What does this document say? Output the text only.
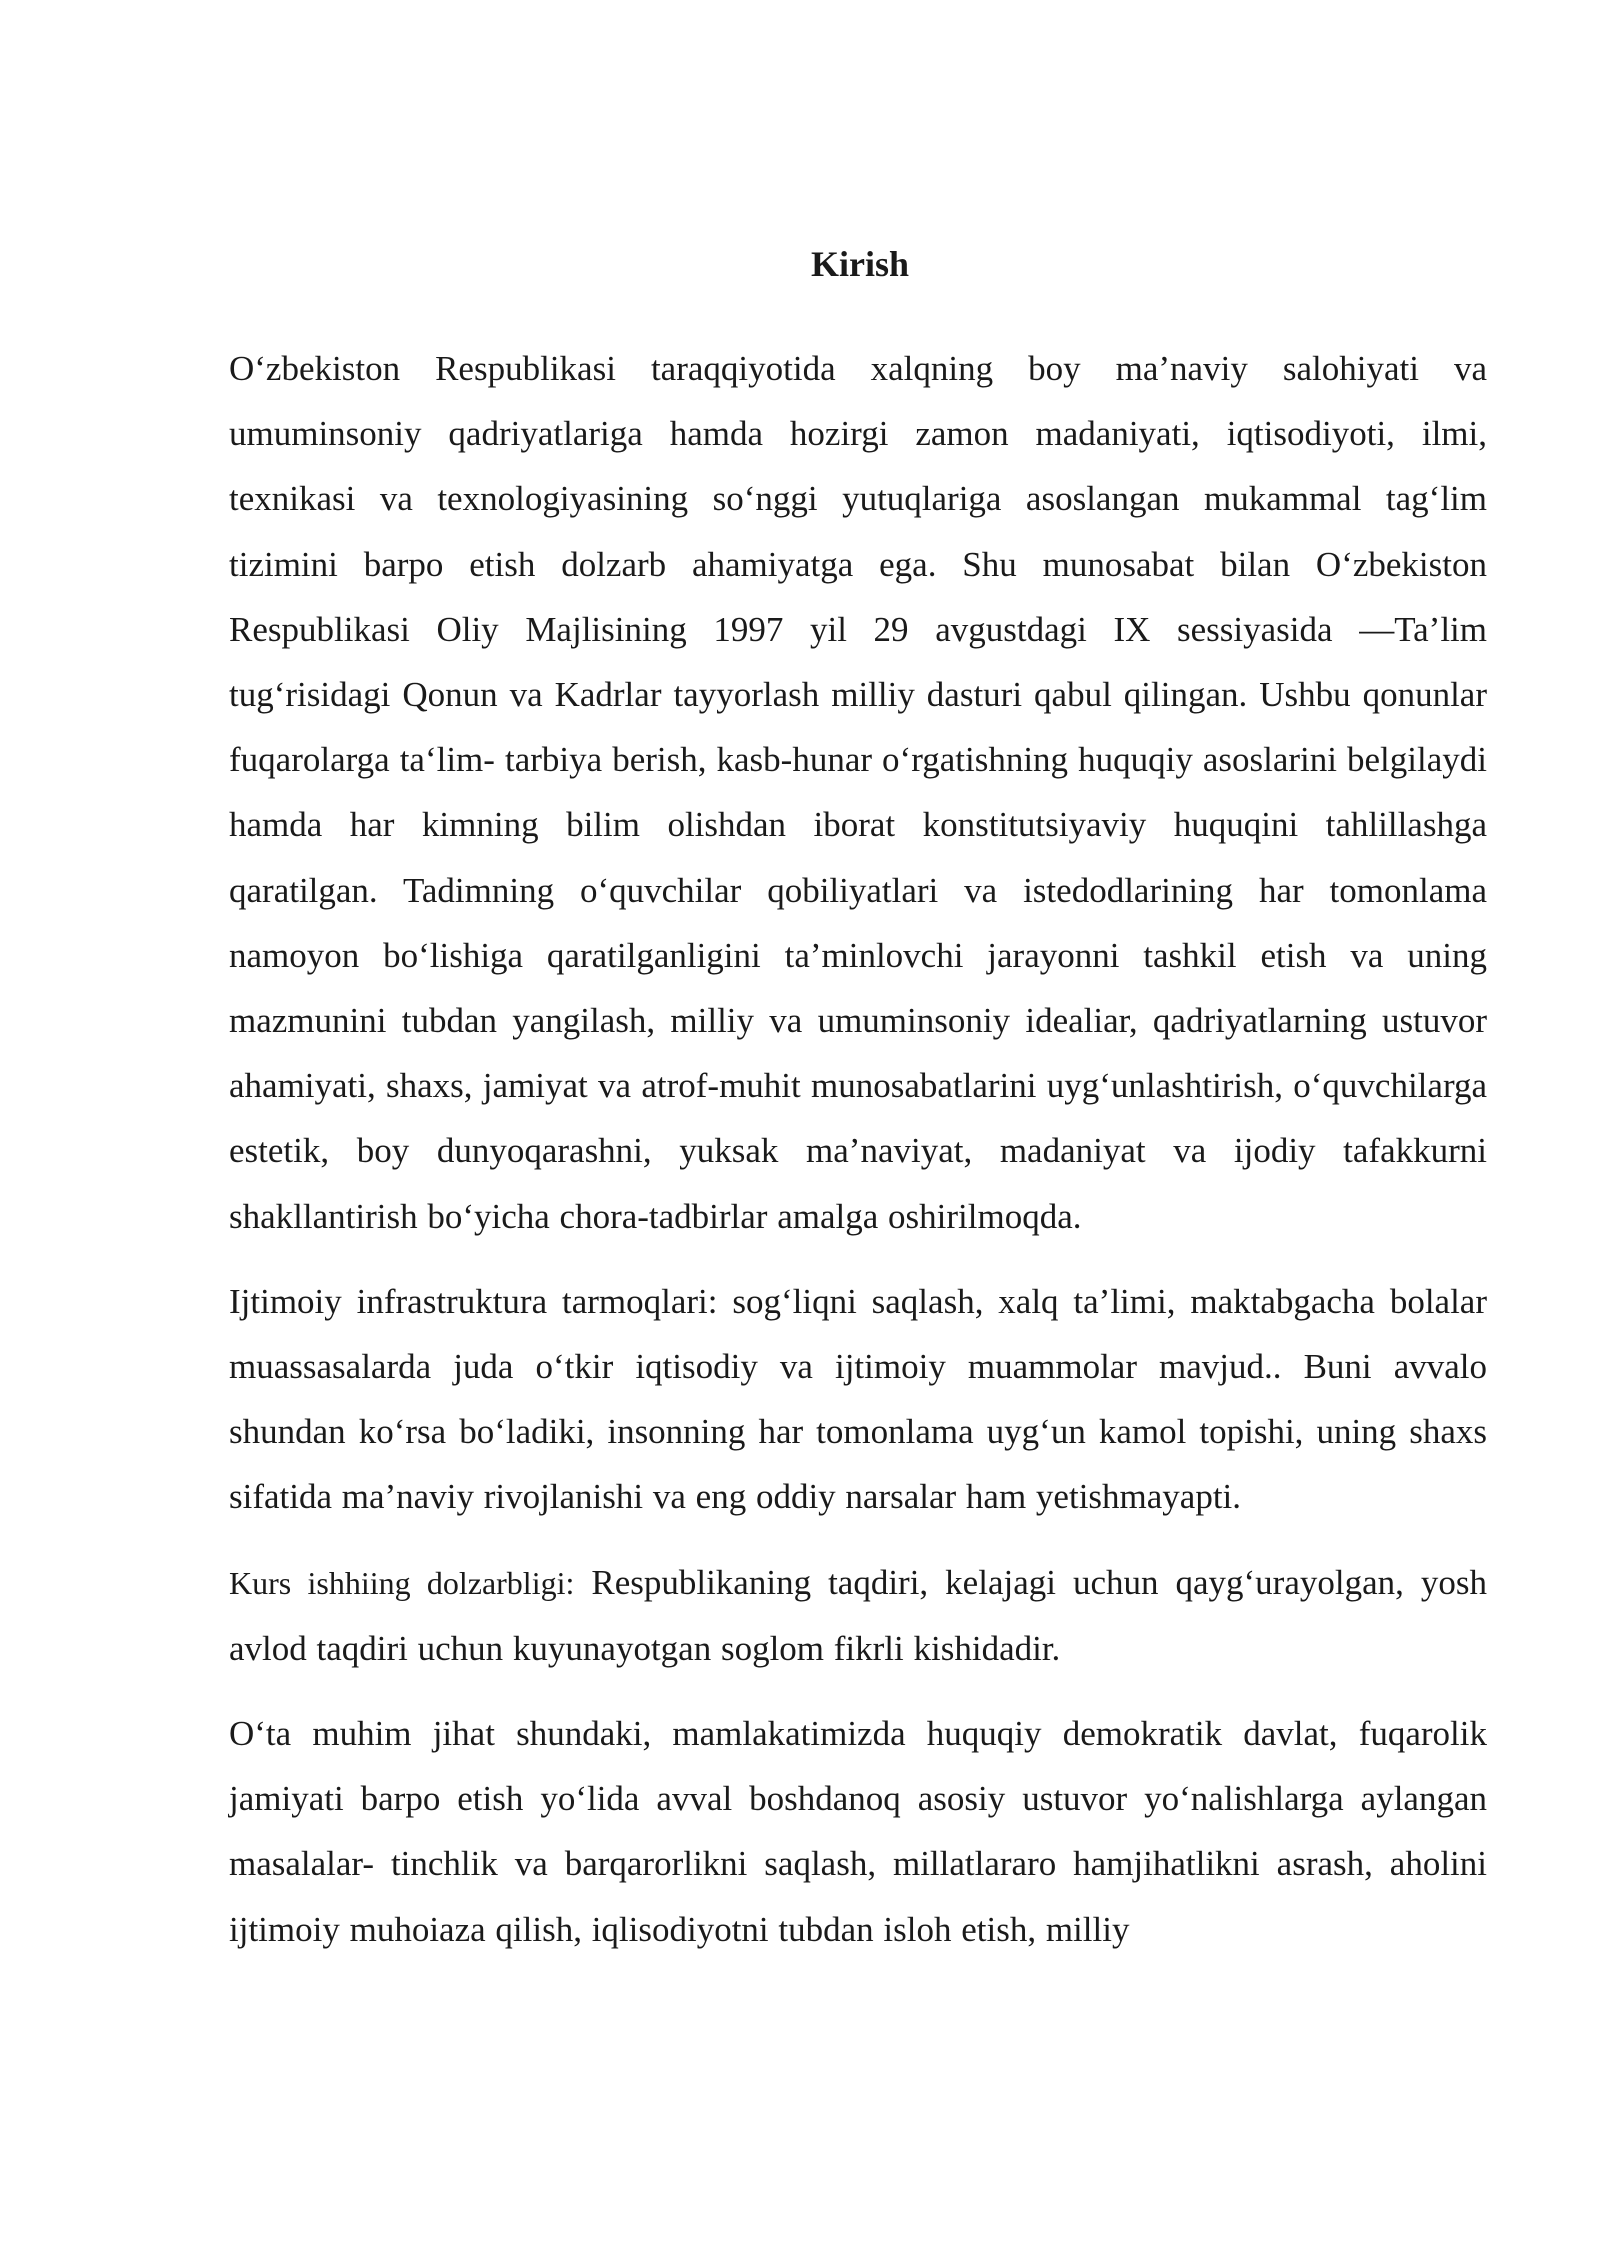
Kirish

O‘zbekiston Respublikasi taraqqiyotida xalqning boy ma’naviy salohiyati va umuminsoniy qadriyatlariga hamda hozirgi zamon madaniyati, iqtisodiyoti, ilmi, texnikasi va texnologiyasining so‘nggi yutuqlariga asoslangan mukammal tag‘lim tizimini barpo etish dolzarb ahamiyatga ega. Shu munosabat bilan O‘zbekiston Respublikasi Oliy Majlisining 1997 yil 29 avgustdagi IX sessiyasida —Ta’lim tug‘risidagi Qonun va Kadrlar tayyorlash milliy dasturi qabul qilingan. Ushbu qonunlar fuqarolarga ta‘lim- tarbiya berish, kasb-hunar o‘rgatishning huquqiy asoslarini belgilaydi hamda har kimning bilim olishdan iborat konstitutsiyaviy huquqini tahlillashga qaratilgan. Tadimning o‘quvchilar qobiliyatlari va istedodlarining har tomonlama namoyon bo‘lishiga qaratilganligini ta’minlovchi jarayonni tashkil etish va uning mazmunini tubdan yangilash, milliy va umuminsoniy idealiar, qadriyatlarning ustuvor ahamiyati, shaxs, jamiyat va atrof-muhit munosabatlarini uyg‘unlashtirish, o‘quvchilarga estetik, boy dunyoqarashni, yuksak ma’naviyat, madaniyat va ijodiy tafakkurni shakllantirish bo‘yicha chora-tadbirlar amalga oshirilmoqda.

Ijtimoiy infrastruktura tarmoqlari: sog‘liqni saqlash, xalq ta’limi, maktabgacha bolalar muassasalarda juda o‘tkir iqtisodiy va ijtimoiy muammolar mavjud.. Buni avvalo shundan ko‘rsa bo‘ladiki, insonning har tomonlama uyg‘un kamol topishi, uning shaxs sifatida ma’naviy rivojlanishi va eng oddiy narsalar ham yetishmayapti.

Kurs ishhiing dolzarbligi: Respublikaning taqdiri, kelajagi uchun qayg‘urayolgan, yosh avlod taqdiri uchun kuyunayotgan soglom fikrli kishidadir.

O‘ta muhim jihat shundaki, mamlakatimizda huquqiy demokratik davlat, fuqarolik jamiyati barpo etish yo‘lida avval boshdanoq asosiy ustuvor yo‘nalishlarga aylangan masalalar- tinchlik va barqarorlikni saqlash, millatlararo hamjihatlikni asrash, aholini ijtimoiy muhoiaza qilish, iqlisodiyotni tubdan isloh etish, milliy
